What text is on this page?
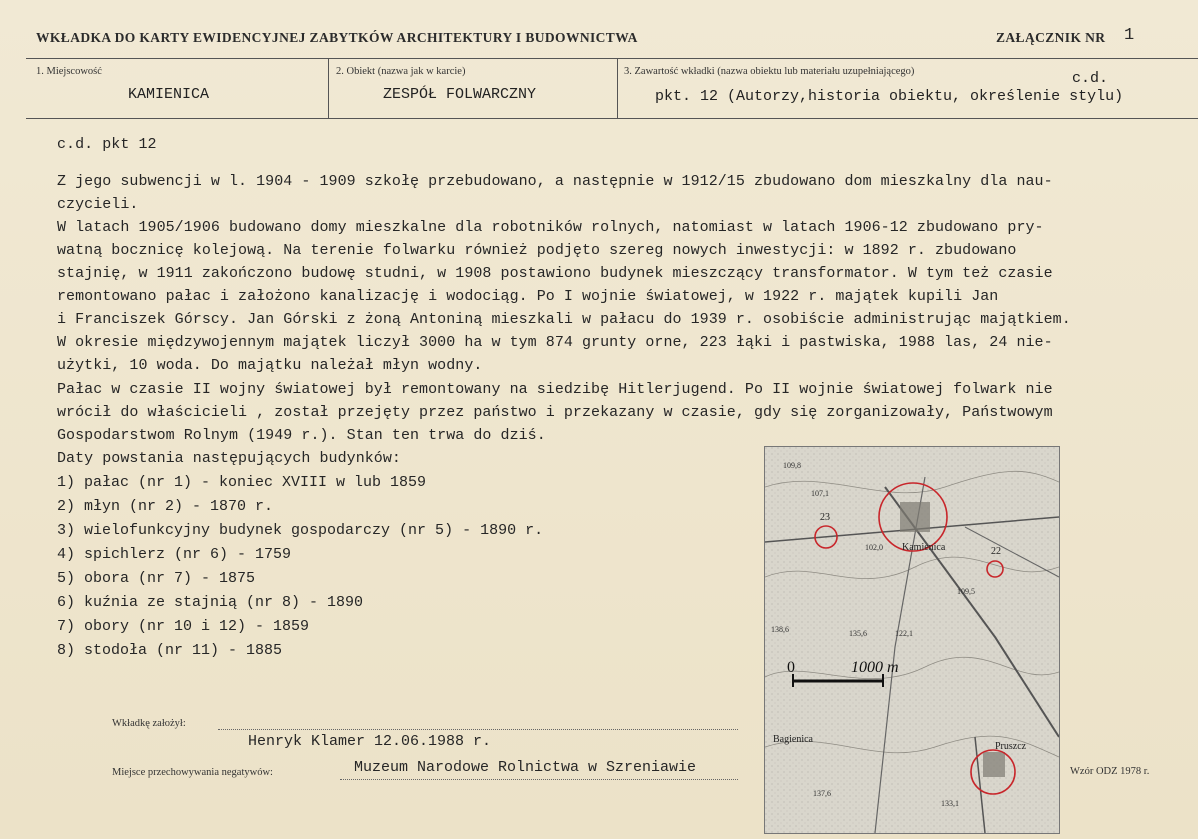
WKŁADKA DO KARTY EWIDENCYJNEJ ZABYTKÓW ARCHITEKTURY I BUDOWNICTWA	ZAŁĄCZNIK NR 1
1. Miejscowość
KAMIENICA
2. Obiekt (nazwa jak w karcie)
ZESPÓŁ FOLWARCZNY
3. Zawartość wkładki (nazwa obiektu lub materiału uzupełniającego)	c.d.
pkt. 12 (Autorzy,historia obiektu, określenie stylu)
c.d. pkt 12
Z jego subwencji w l. 1904 - 1909 szkołę przebudowano, a następnie w 1912/15 zbudowano dom mieszkalny dla nau-
czycieli.
W latach 1905/1906 budowano domy mieszkalne dla robotników rolnych, natomiast w latach 1906-12 zbudowano pry-
watną bocznicę kolejową. Na terenie folwarku również podjęto szereg nowych inwestycji: w 1892 r. zbudowano
stajnię, w 1911 zakończono budowę studni, w 1908 postawiono budynek mieszczący transformator. W tym też czasie
remontowano pałac i założono kanalizację i wodociąg. Po I wojnie światowej, w 1922 r. majątek kupili Jan
i Franciszek Górscy. Jan Górski z żoną Antoniną mieszkali w pałacu do 1939 r. osobiście administrując majątkiem.
W okresie międzywojennym majątek liczył 3000 ha w tym 874 grunty orne, 223 łąki i pastwiska, 1988 las, 24 nie-
użytki, 10 woda. Do majątku należał młyn wodny.
Pałac w czasie II wojny światowej był remontowany na siedzibę Hitlerjugend. Po II wojnie światowej folwark nie
wrócił do właścicieli , został przejęty przez państwo i przekazany w czasie, gdy się zorganizowały, Państwowym
Gospodarstwom Rolnym (1949 r.). Stan ten trwa do dziś.
Daty powstania następujących budynków:
1) pałac (nr 1) - koniec XVIII w lub 1859
2) młyn (nr 2) - 1870 r.
3) wielofunkcyjny budynek gospodarczy (nr 5) - 1890 r.
4) spichlerz (nr 6) - 1759
5) obora (nr 7) - 1875
6) kuźnia ze stajnią (nr 8) - 1890
7) obory (nr 10 i 12) - 1859
8) stodoła (nr 11) - 1885
Kamienica
Bagienica
Pruszcz
23
22
0	1000 m
109,8
107,1
102,0
109,5
122,1
135,6
138,6
137,6
133,1
Wkładkę założył:
Henryk Klamer 12.06.1988 r.
Miejsce przechowywania negatywów:	Muzeum Narodowe Rolnictwa w Szreniawie	Wzór ODZ 1978 r.
